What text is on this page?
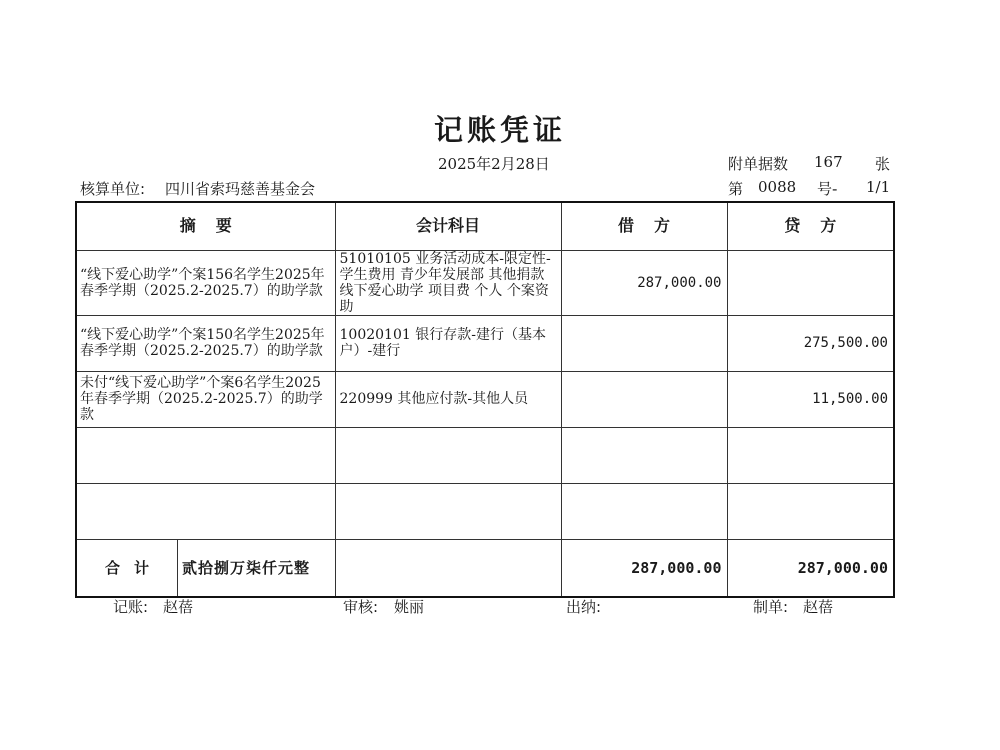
记账凭证
2025年2月28日	附单据数 167 张
核算单位: 四川省索玛慈善基金会	第 0088 号- 1/1
摘要	会计科目	借方	贷方
“线下爱心助学”个案156名学生2025年春季学期（2025.2-2025.7）的助学款	51010105 业务活动成本-限定性-学生费用 青少年发展部 其他捐款 线下爱心助学 项目费 个人 个案资助	287,000.00	
“线下爱心助学”个案150名学生2025年春季学期（2025.2-2025.7）的助学款	10020101 银行存款-建行（基本户）-建行		275,500.00
未付“线下爱心助学”个案6名学生2025年春季学期（2025.2-2025.7）的助学款	220999 其他应付款-其他人员		11,500.00

合计 贰拾捌万柒仟元整		287,000.00	287,000.00
记账: 赵蓓	审核: 姚丽	出纳:	制单: 赵蓓
